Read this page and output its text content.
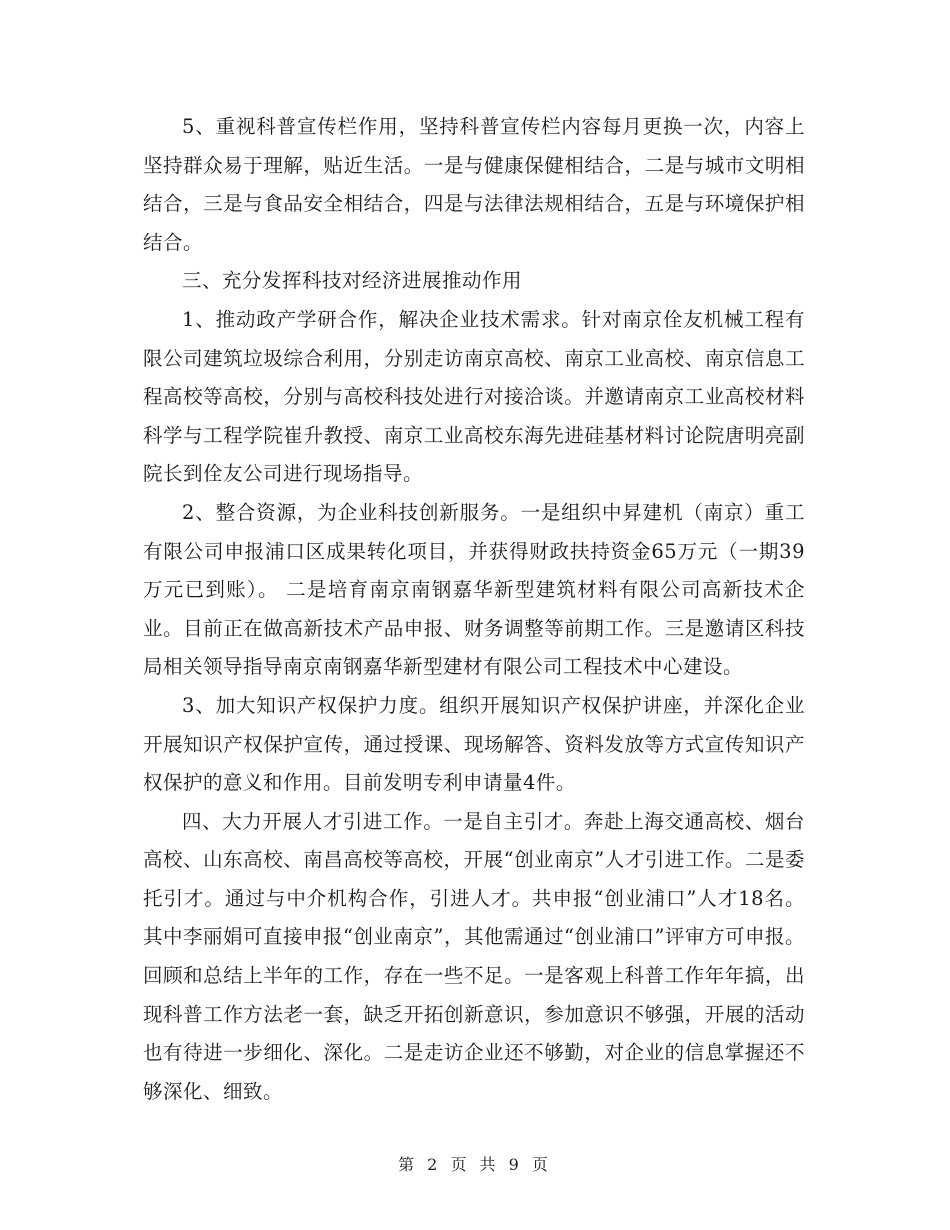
5、重视科普宣传栏作用，坚持科普宣传栏内容每月更换一次，内容上坚持群众易于理解，贴近生活。一是与健康保健相结合，二是与城市文明相结合，三是与食品安全相结合，四是与法律法规相结合，五是与环境保护相结合。

三、充分发挥科技对经济进展推动作用

1、推动政产学研合作，解决企业技术需求。针对南京佺友机械工程有限公司建筑垃圾综合利用，分别走访南京高校、南京工业高校、南京信息工程高校等高校，分别与高校科技处进行对接洽谈。并邀请南京工业高校材料科学与工程学院崔升教授、南京工业高校东海先进硅基材料讨论院唐明亮副院长到佺友公司进行现场指导。

2、整合资源，为企业科技创新服务。一是组织中昇建机（南京）重工有限公司申报浦口区成果转化项目，并获得财政扶持资金65万元（一期39万元已到账）。 二是培育南京南钢嘉华新型建筑材料有限公司高新技术企业。目前正在做高新技术产品申报、财务调整等前期工作。三是邀请区科技局相关领导指导南京南钢嘉华新型建材有限公司工程技术中心建设。

3、加大知识产权保护力度。组织开展知识产权保护讲座，并深化企业开展知识产权保护宣传，通过授课、现场解答、资料发放等方式宣传知识产权保护的意义和作用。目前发明专利申请量4件。

四、大力开展人才引进工作。一是自主引才。奔赴上海交通高校、烟台高校、山东高校、南昌高校等高校，开展“创业南京”人才引进工作。二是委托引才。通过与中介机构合作，引进人才。共申报“创业浦口”人才18名。其中李丽娟可直接申报“创业南京”，其他需通过“创业浦口”评审方可申报。回顾和总结上半年的工作，存在一些不足。一是客观上科普工作年年搞，出现科普工作方法老一套，缺乏开拓创新意识，参加意识不够强，开展的活动也有待进一步细化、深化。二是走访企业还不够勤，对企业的信息掌握还不够深化、细致。

第 2 页 共 9 页
